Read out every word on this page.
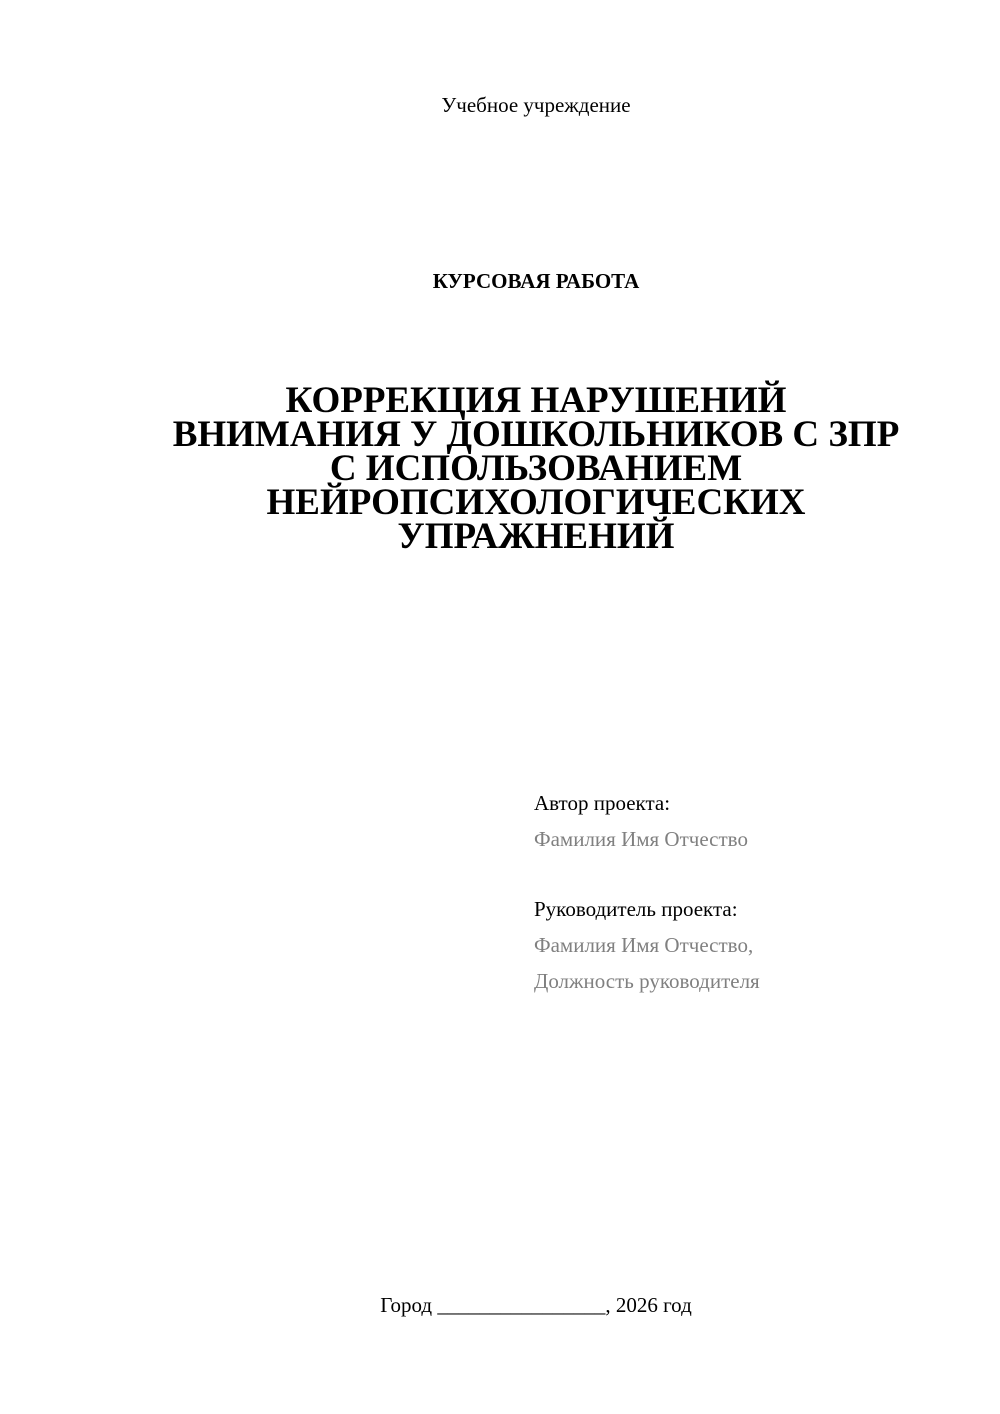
Учебное учреждение
КУРСОВАЯ РАБОТА
КОРРЕКЦИЯ НАРУШЕНИЙ
ВНИМАНИЯ У ДОШКОЛЬНИКОВ С ЗПР
С ИСПОЛЬЗОВАНИЕМ
НЕЙРОПСИХОЛОГИЧЕСКИХ
УПРАЖНЕНИЙ
Автор проекта:
Фамилия Имя Отчество
Руководитель проекта:
Фамилия Имя Отчество,
Должность руководителя
Город ________________, 2026 год
